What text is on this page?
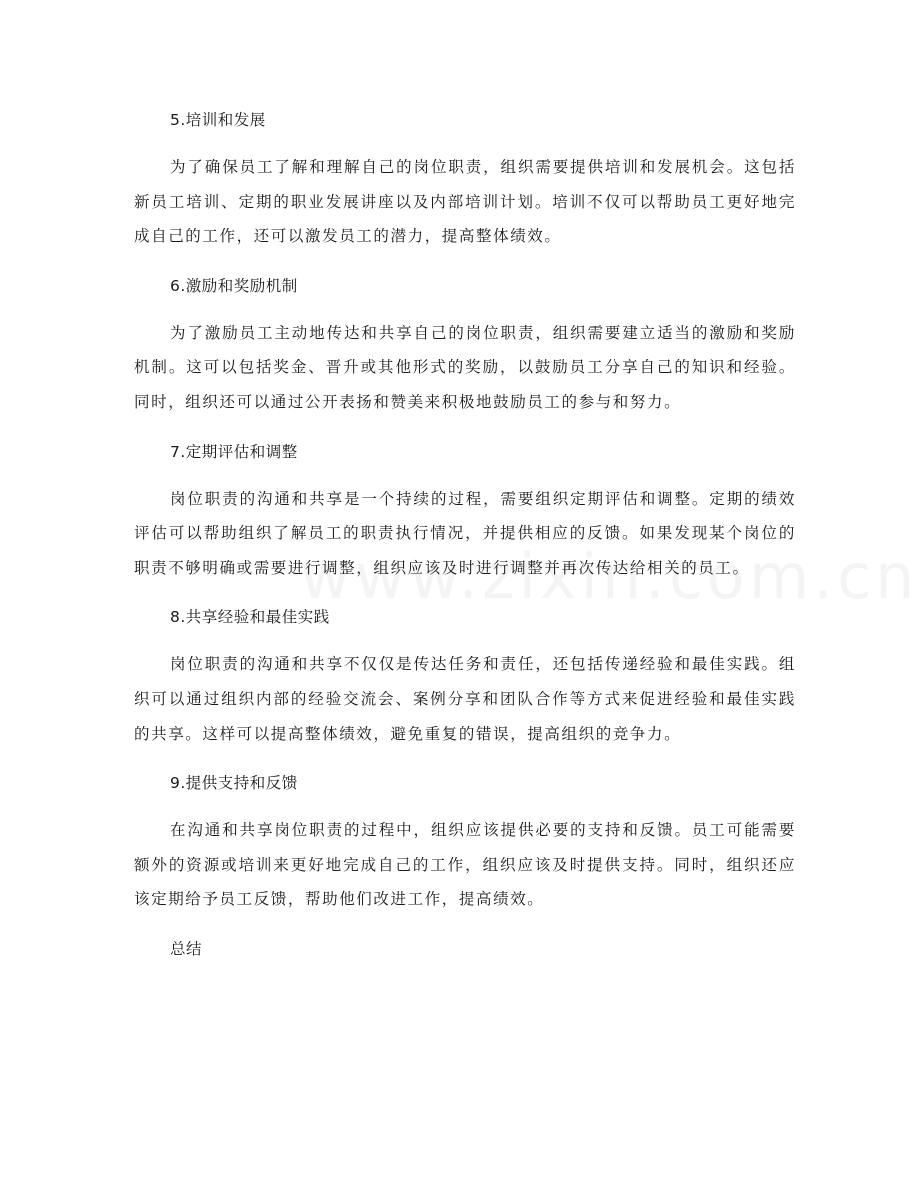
5.培训和发展

为了确保员工了解和理解自己的岗位职责，组织需要提供培训和发展机会。这包括新员工培训、定期的职业发展讲座以及内部培训计划。培训不仅可以帮助员工更好地完成自己的工作，还可以激发员工的潜力，提高整体绩效。

6.激励和奖励机制

为了激励员工主动地传达和共享自己的岗位职责，组织需要建立适当的激励和奖励机制。这可以包括奖金、晋升或其他形式的奖励，以鼓励员工分享自己的知识和经验。同时，组织还可以通过公开表扬和赞美来积极地鼓励员工的参与和努力。

7.定期评估和调整

岗位职责的沟通和共享是一个持续的过程，需要组织定期评估和调整。定期的绩效评估可以帮助组织了解员工的职责执行情况，并提供相应的反馈。如果发现某个岗位的职责不够明确或需要进行调整，组织应该及时进行调整并再次传达给相关的员工。

8.共享经验和最佳实践

岗位职责的沟通和共享不仅仅是传达任务和责任，还包括传递经验和最佳实践。组织可以通过组织内部的经验交流会、案例分享和团队合作等方式来促进经验和最佳实践的共享。这样可以提高整体绩效，避免重复的错误，提高组织的竞争力。

9.提供支持和反馈

在沟通和共享岗位职责的过程中，组织应该提供必要的支持和反馈。员工可能需要额外的资源或培训来更好地完成自己的工作，组织应该及时提供支持。同时，组织还应该定期给予员工反馈，帮助他们改进工作，提高绩效。

总结
